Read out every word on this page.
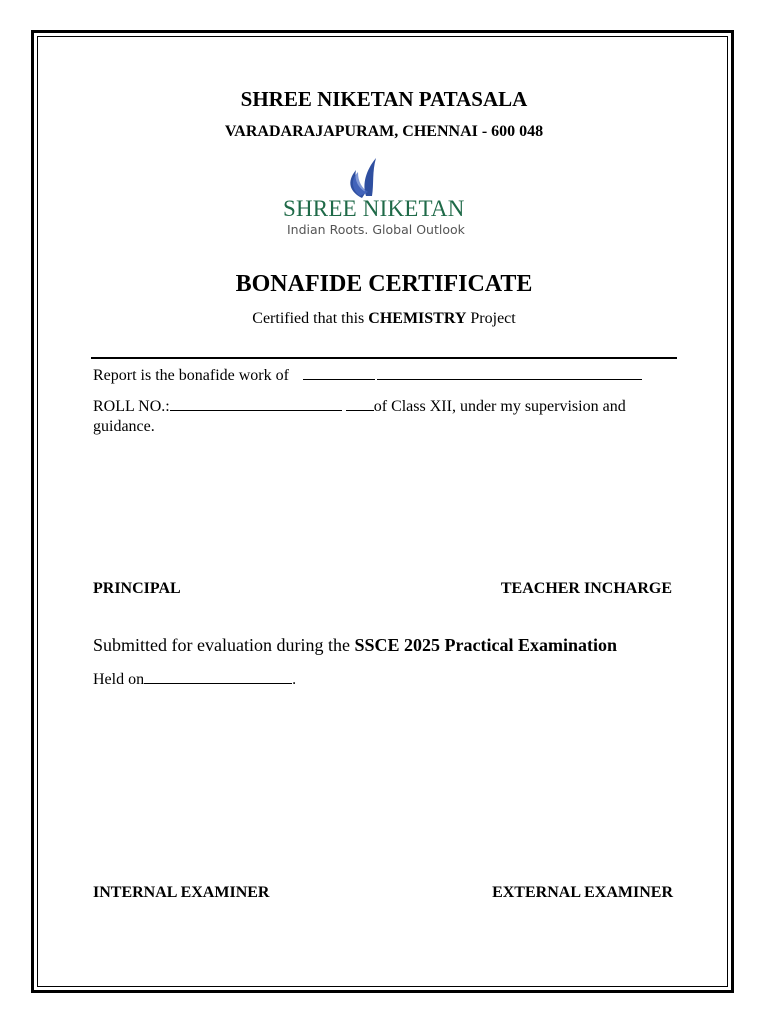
SHREE NIKETAN PATASALA
VARADARAJAPURAM, CHENNAI - 600 048
SHREE NIKETAN
Indian Roots. Global Outlook
BONAFIDE CERTIFICATE
Certified that this CHEMISTRY Project
Report is the bonafide work of
ROLL NO.:	of Class XII, under my supervision and
guidance.
PRINCIPAL	TEACHER INCHARGE
Submitted for evaluation during the SSCE 2025 Practical Examination
Held on	.
INTERNAL EXAMINER	EXTERNAL EXAMINER
